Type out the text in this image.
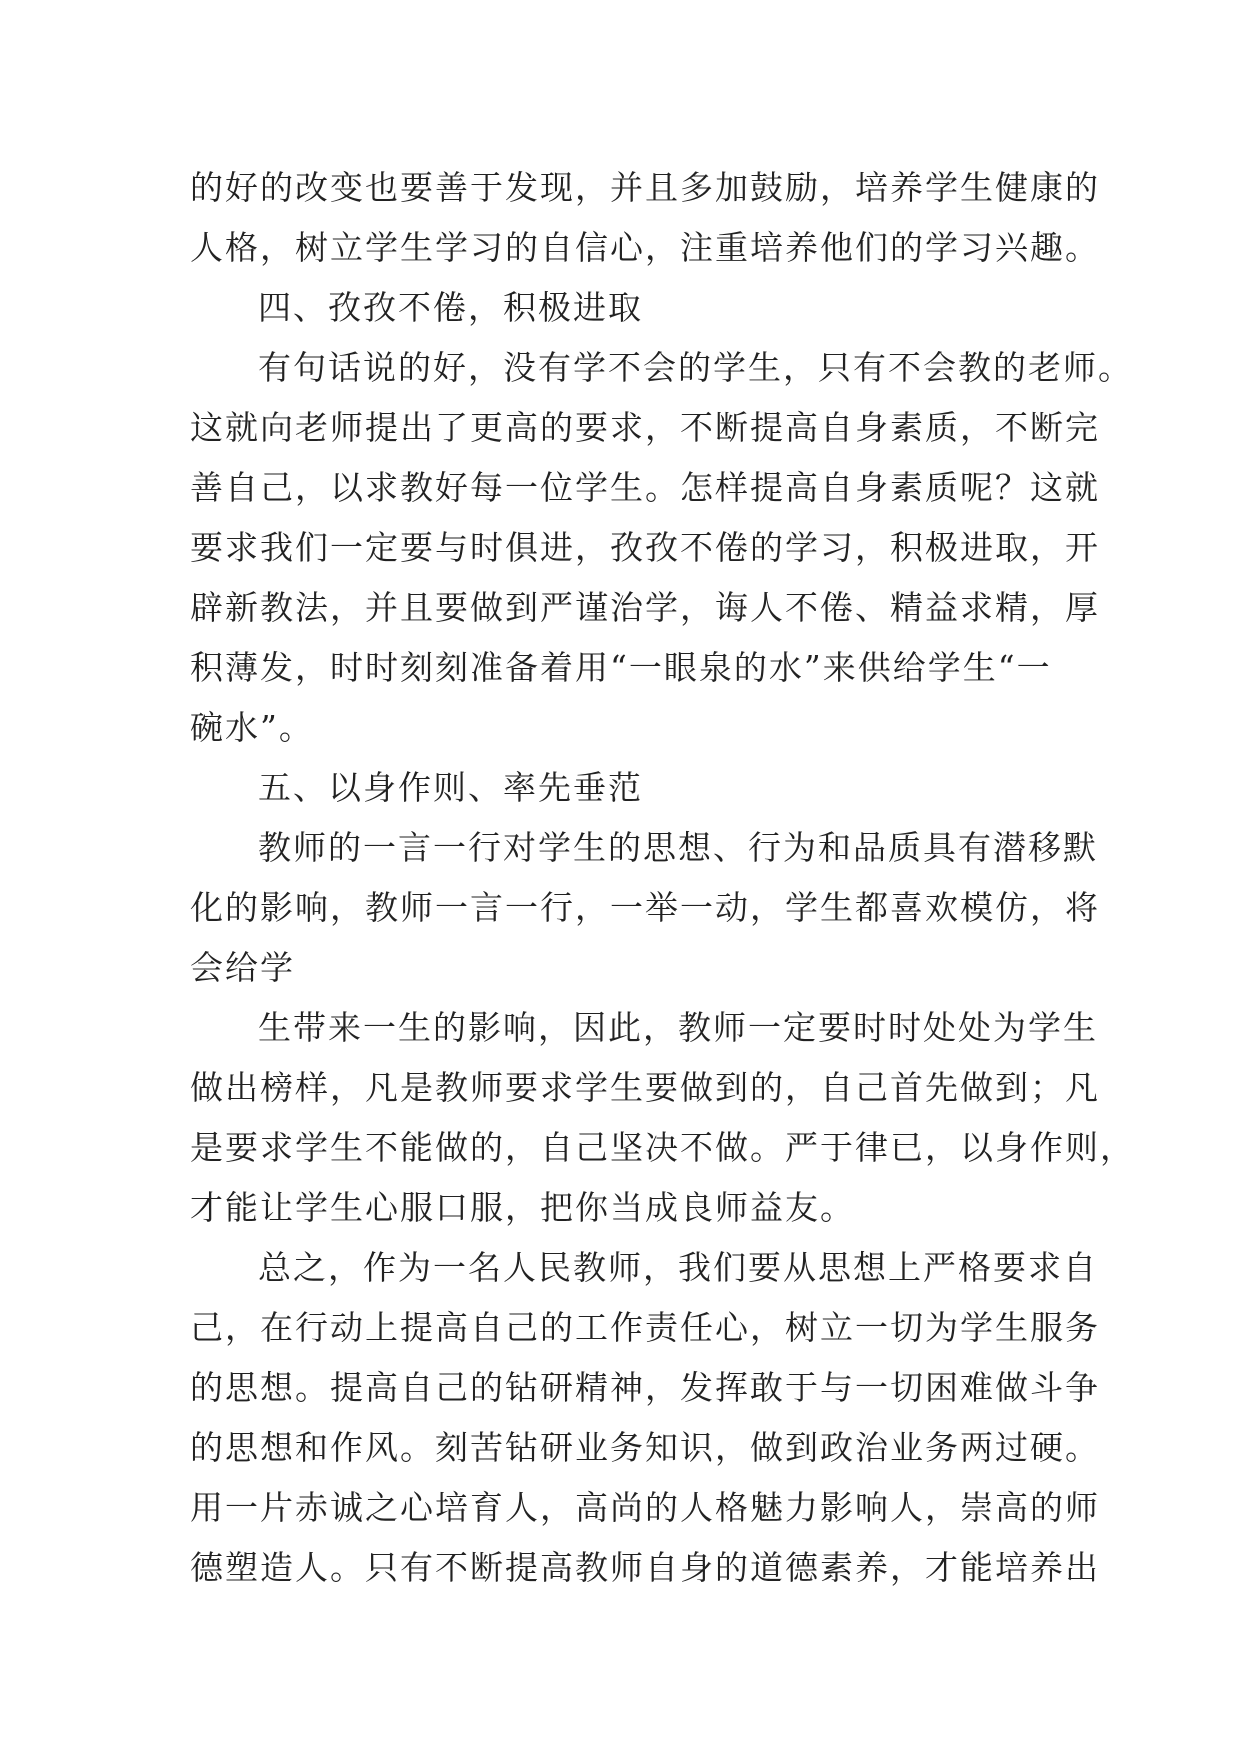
的好的改变也要善于发现，并且多加鼓励，培养学生健康的
人格，树立学生学习的自信心，注重培养他们的学习兴趣。
四、孜孜不倦，积极进取
有句话说的好，没有学不会的学生，只有不会教的老师。
这就向老师提出了更高的要求，不断提高自身素质，不断完
善自己，以求教好每一位学生。怎样提高自身素质呢？这就
要求我们一定要与时俱进，孜孜不倦的学习，积极进取，开
辟新教法，并且要做到严谨治学，诲人不倦、精益求精，厚
积薄发，时时刻刻准备着用“一眼泉的水”来供给学生“一
碗水”。
五、以身作则、率先垂范
教师的一言一行对学生的思想、行为和品质具有潜移默
化的影响，教师一言一行，一举一动，学生都喜欢模仿，将
会给学
生带来一生的影响，因此，教师一定要时时处处为学生
做出榜样，凡是教师要求学生要做到的，自己首先做到；凡
是要求学生不能做的，自己坚决不做。严于律已，以身作则，
才能让学生心服口服，把你当成良师益友。
总之，作为一名人民教师，我们要从思想上严格要求自
己，在行动上提高自己的工作责任心，树立一切为学生服务
的思想。提高自己的钻研精神，发挥敢于与一切困难做斗争
的思想和作风。刻苦钻研业务知识，做到政治业务两过硬。
用一片赤诚之心培育人，高尚的人格魅力影响人，崇高的师
德塑造人。只有不断提高教师自身的道德素养，才能培养出
